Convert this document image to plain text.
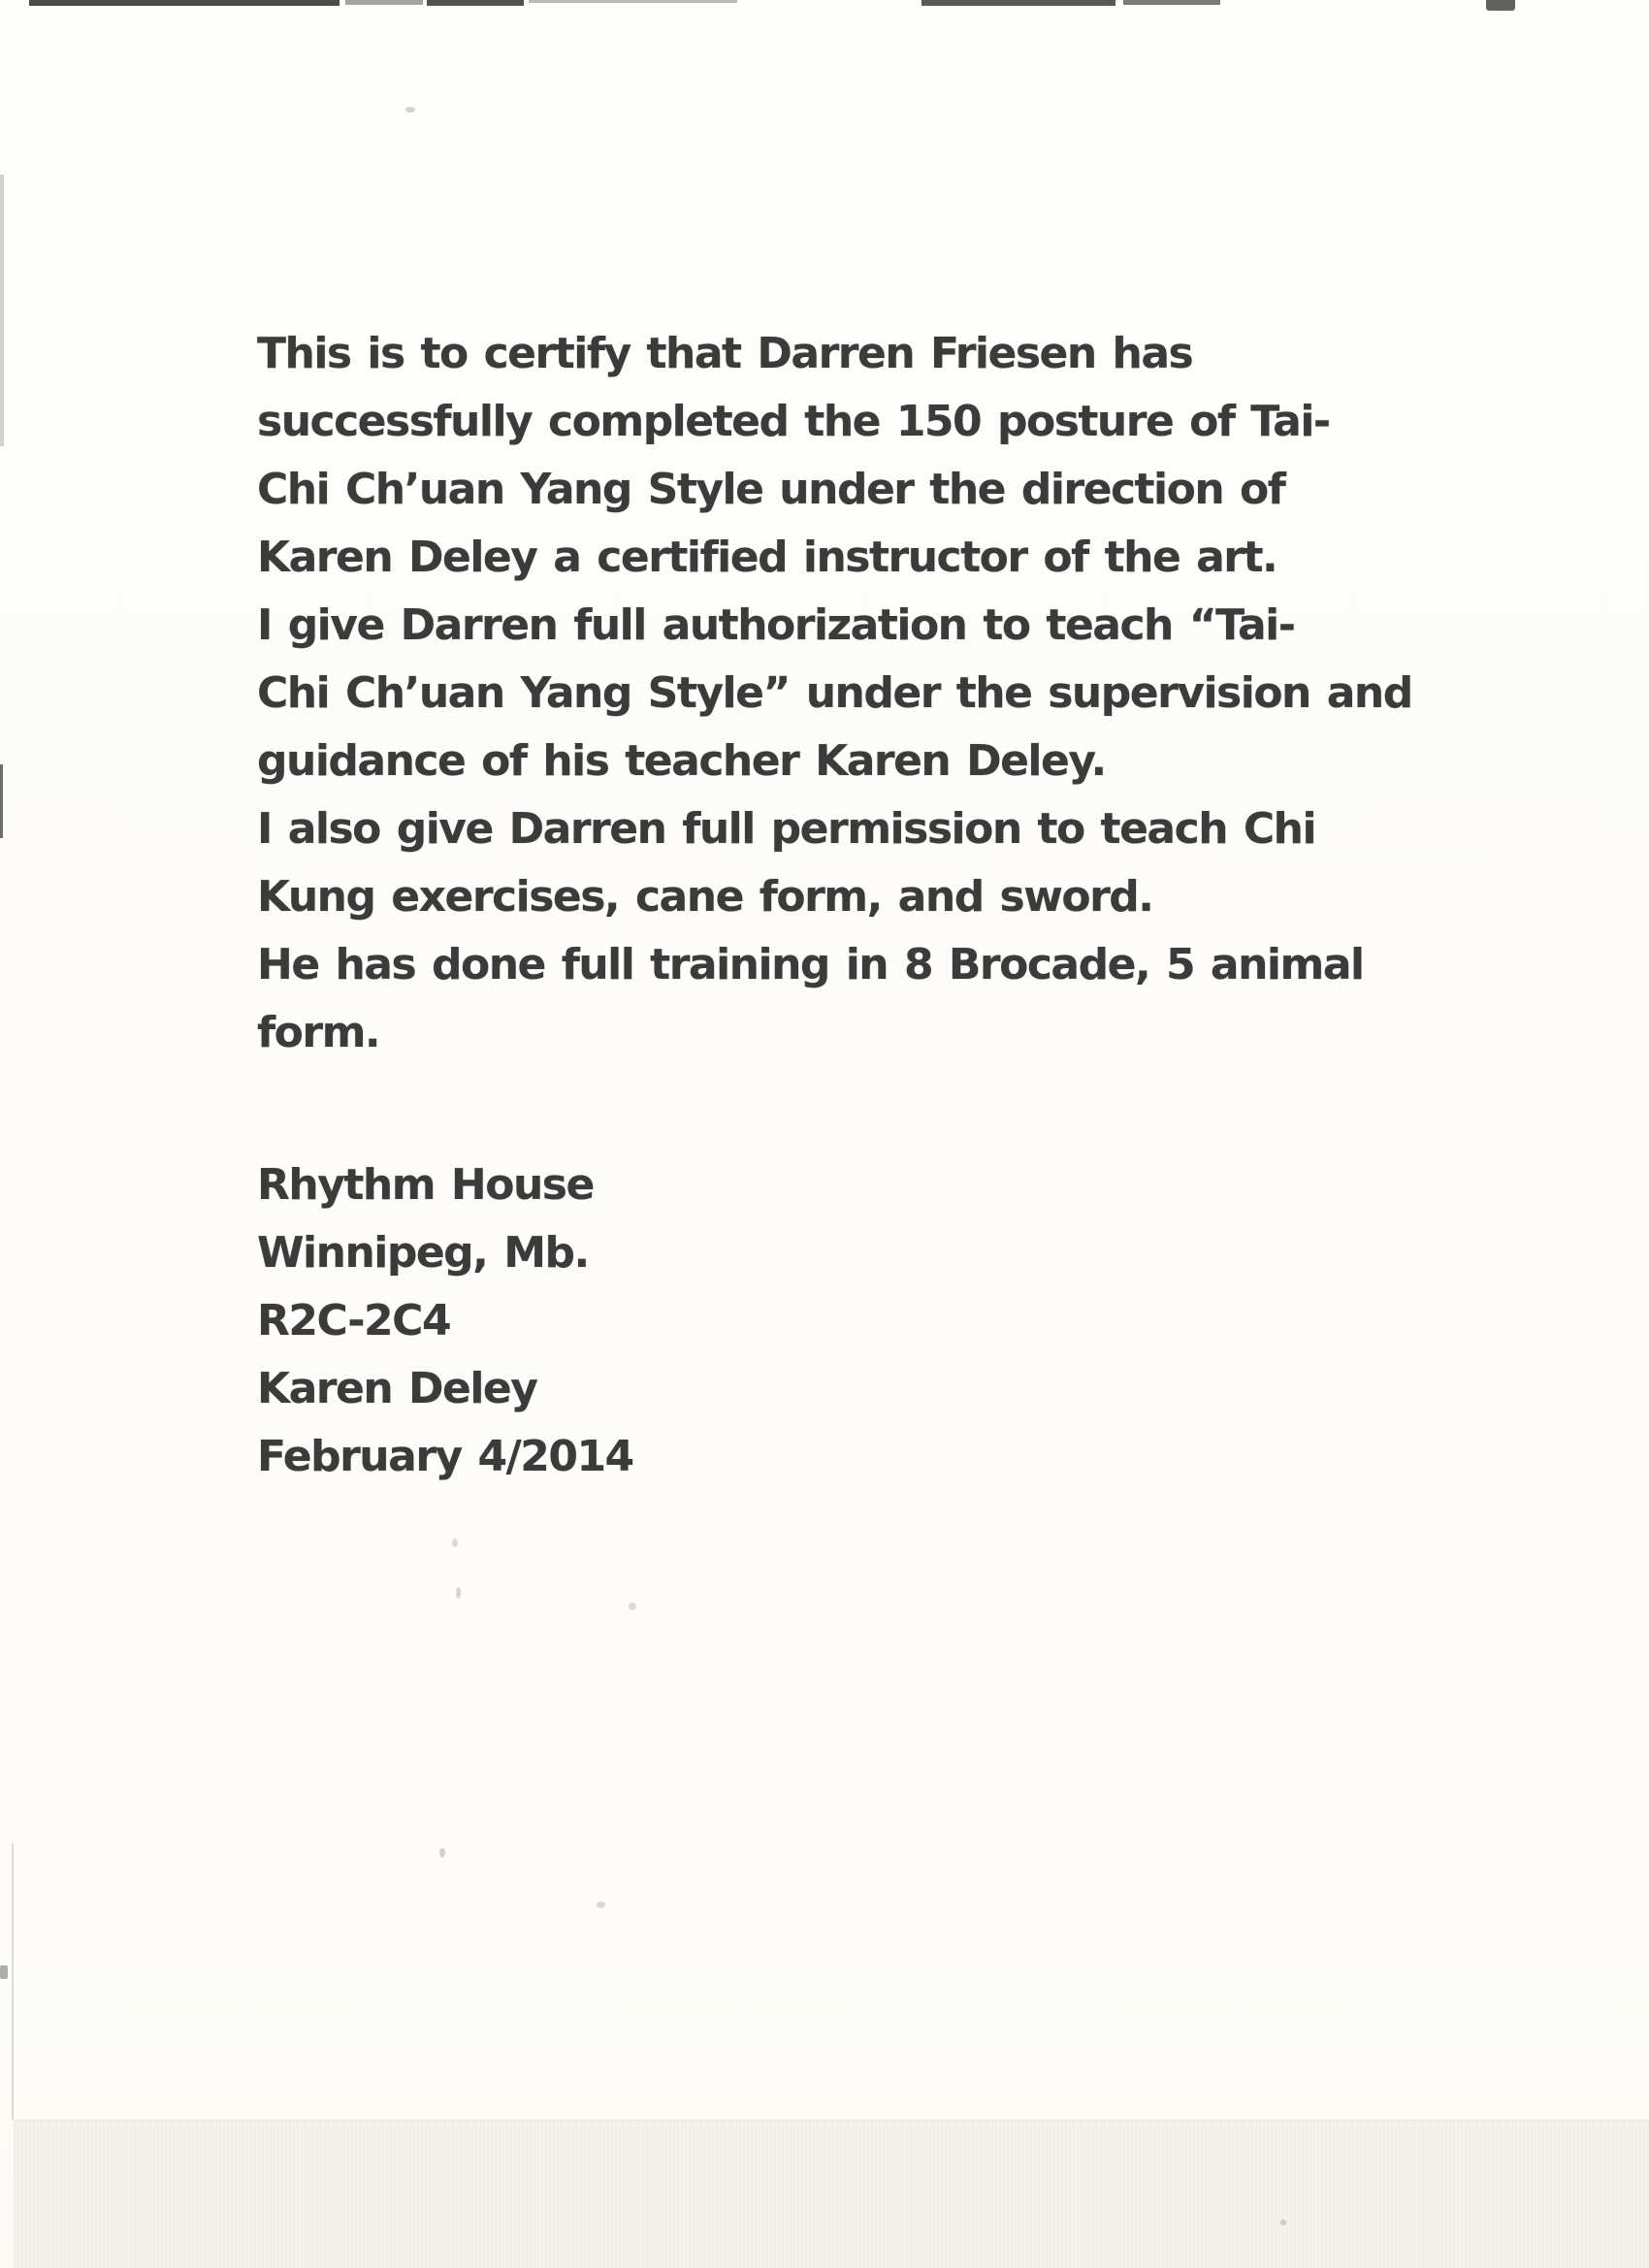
This is to certify that Darren Friesen has
successfully completed the 150 posture of Tai-
Chi Ch’uan Yang Style under the direction of
Karen Deley a certified instructor of the art.
I give Darren full authorization to teach “Tai-
Chi Ch’uan Yang Style” under the supervision and
guidance of his teacher Karen Deley.
I also give Darren full permission to teach Chi
Kung exercises, cane form, and sword.
He has done full training in 8 Brocade, 5 animal
form.
Rhythm House
Winnipeg, Mb.
R2C-2C4
Karen Deley
February 4/2014
